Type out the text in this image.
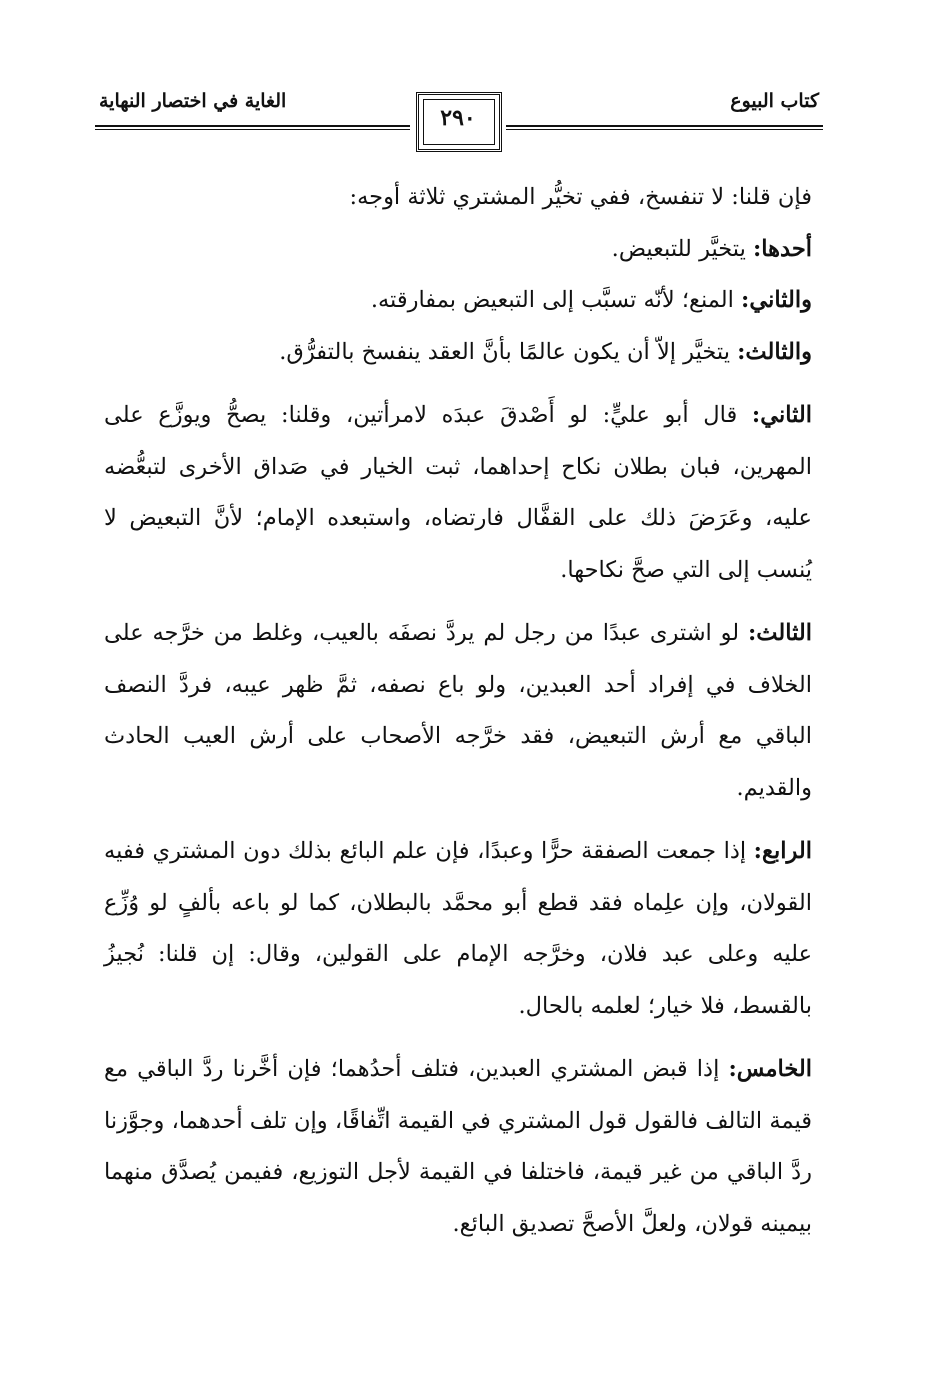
كتاب البيوع
٢٩٠
الغاية في اختصار النهاية

فإن قلنا: لا تنفسخ، ففي تخيُّر المشتري ثلاثة أوجه:

أحدها: يتخيَّر للتبعيض.

والثاني: المنع؛ لأنّه تسبَّب إلى التبعيض بمفارقته.

والثالث: يتخيَّر إلاّ أن يكون عالمًا بأنَّ العقد ينفسخ بالتفرُّق.

الثاني: قال أبو عليٍّ: لو أَصْدقَ عبدَه لامرأتين، وقلنا: يصحُّ ويوزَّع على المهرين، فبان بطلان نكاح إحداهما، ثبت الخيار في صَداق الأخرى لتبعُّضه عليه، وعَرَضَ ذلك على القفَّال فارتضاه، واستبعده الإمام؛ لأنَّ التبعيض لا يُنسب إلى التي صحَّ نكاحها.

الثالث: لو اشترى عبدًا من رجل لم يردَّ نصفَه بالعيب، وغلط من خرَّجه على الخلاف في إفراد أحد العبدين، ولو باع نصفه، ثمَّ ظهر عيبه، فردَّ النصف الباقي مع أرش التبعيض، فقد خرَّجه الأصحاب على أرش العيب الحادث والقديم.

الرابع: إذا جمعت الصفقة حرًّا وعبدًا، فإن علم البائع بذلك دون المشتري ففيه القولان، وإن علِماه فقد قطع أبو محمَّد بالبطلان، كما لو باعه بألفٍ لو وُزِّع عليه وعلى عبد فلان، وخرَّجه الإمام على القولين، وقال: إن قلنا: نُجيزُ بالقسط، فلا خيار؛ لعلمه بالحال.

الخامس: إذا قبض المشتري العبدين، فتلف أحدُهما؛ فإن أخَّرنا ردَّ الباقي مع قيمة التالف فالقول قول المشتري في القيمة اتِّفاقًا، وإن تلف أحدهما، وجوَّزنا ردَّ الباقي من غير قيمة، فاختلفا في القيمة لأجل التوزيع، ففيمن يُصدَّق منهما بيمينه قولان، ولعلَّ الأصحَّ تصديق البائع.
